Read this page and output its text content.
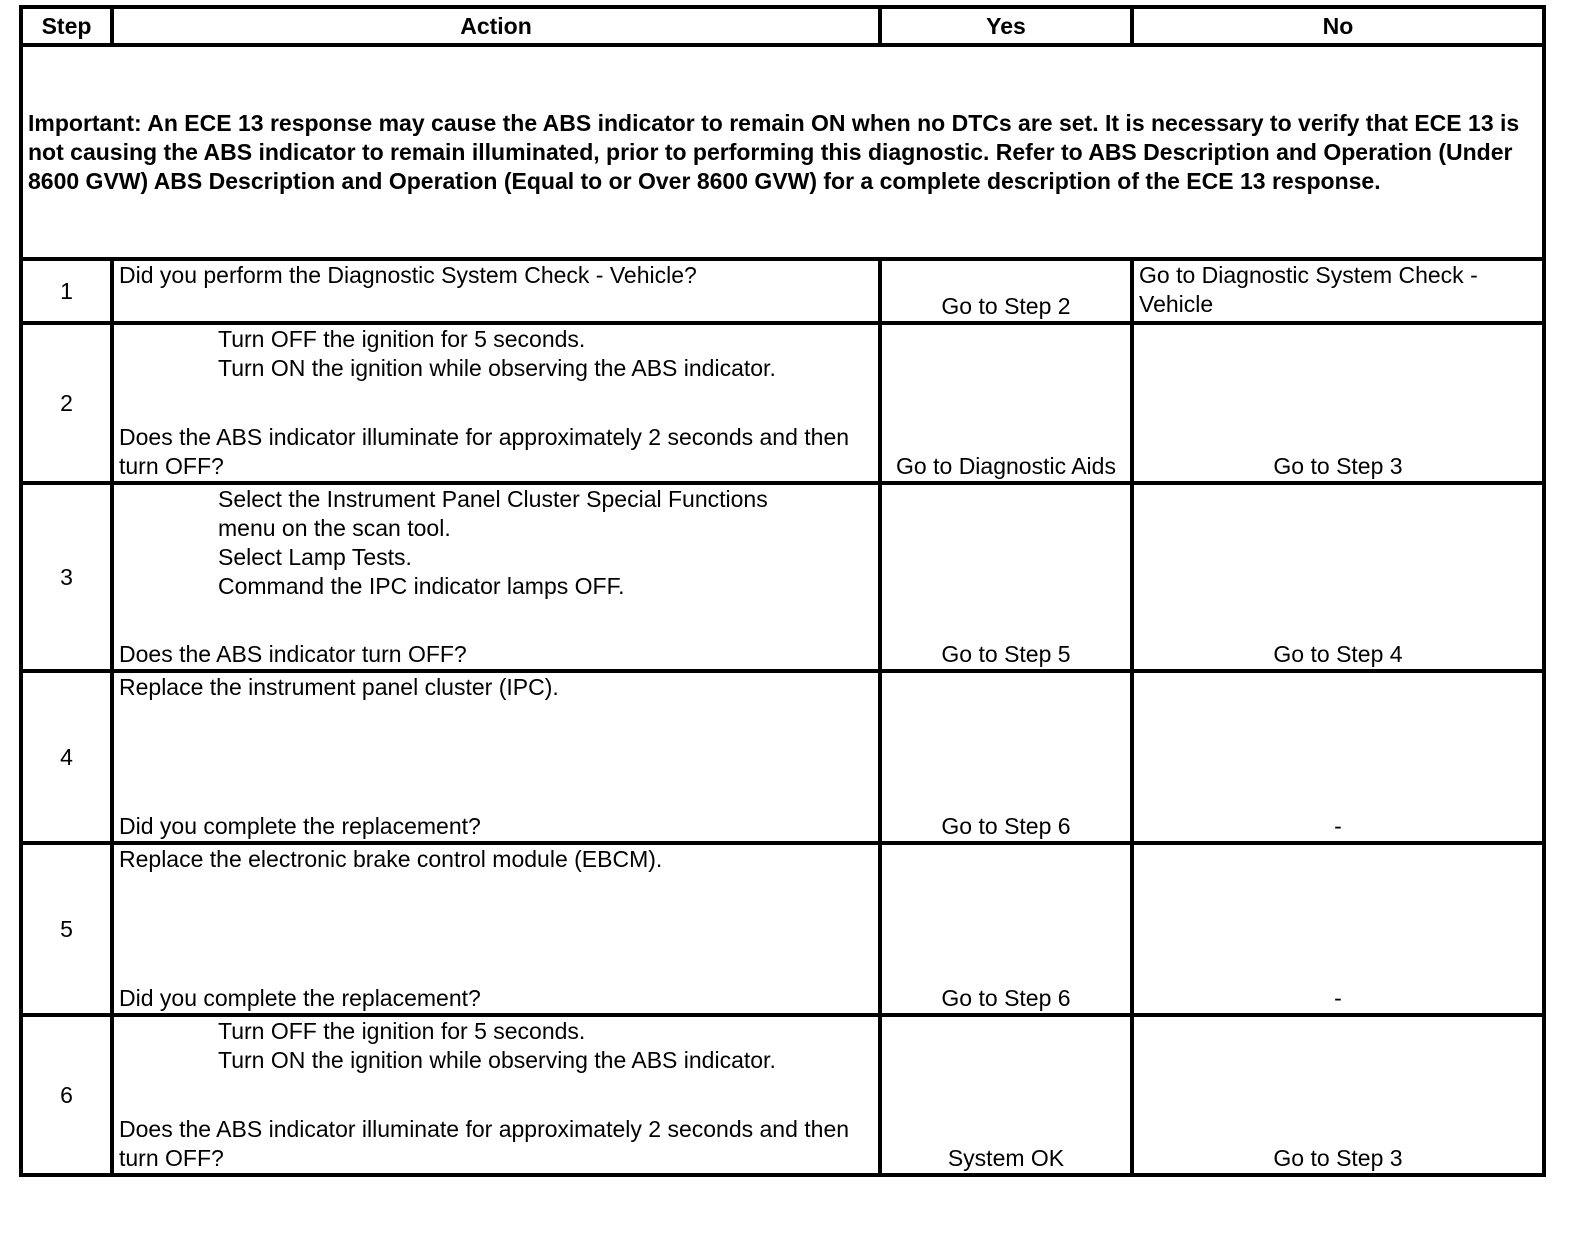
Step	Action	Yes	No
Important: An ECE 13 response may cause the ABS indicator to remain ON when no DTCs are set. It is necessary to verify that ECE 13 is not causing the ABS indicator to remain illuminated, prior to performing this diagnostic. Refer to ABS Description and Operation (Under 8600 GVW) ABS Description and Operation (Equal to or Over 8600 GVW) for a complete description of the ECE 13 response.			
1	Did you perform the Diagnostic System Check - Vehicle?	Go to Step 2	Go to Diagnostic System Check - Vehicle
2	Turn OFF the ignition for 5 seconds.
Turn ON the ignition while observing the ABS indicator.
Does the ABS indicator illuminate for approximately 2 seconds and then turn OFF?	Go to Diagnostic Aids	Go to Step 3
3	Select the Instrument Panel Cluster Special Functions menu on the scan tool.
Select Lamp Tests.
Command the IPC indicator lamps OFF.
Does the ABS indicator turn OFF?	Go to Step 5	Go to Step 4
4	Replace the instrument panel cluster (IPC).
Did you complete the replacement?	Go to Step 6	-
5	Replace the electronic brake control module (EBCM).
Did you complete the replacement?	Go to Step 6	-
6	Turn OFF the ignition for 5 seconds.
Turn ON the ignition while observing the ABS indicator.
Does the ABS indicator illuminate for approximately 2 seconds and then turn OFF?	System OK	Go to Step 3
